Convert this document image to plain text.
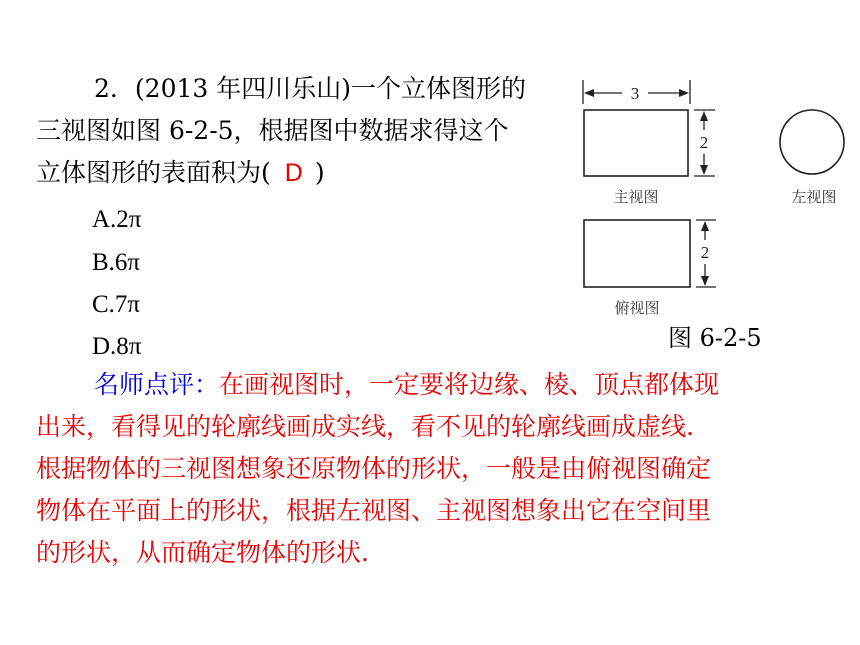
2．(2013 年四川乐山)一个立体图形的
三视图如图 6-2-5，根据图中数据求得这个
立体图形的表面积为( D )
A.2π
B.6π
C.7π
D.8π
3
2
主视图	左视图
2
俯视图
图 6-2-5
名师点评：在画视图时，一定要将边缘、棱、顶点都体现
出来，看得见的轮廓线画成实线，看不见的轮廓线画成虚线.
根据物体的三视图想象还原物体的形状，一般是由俯视图确定
物体在平面上的形状，根据左视图、主视图想象出它在空间里
的形状，从而确定物体的形状.
